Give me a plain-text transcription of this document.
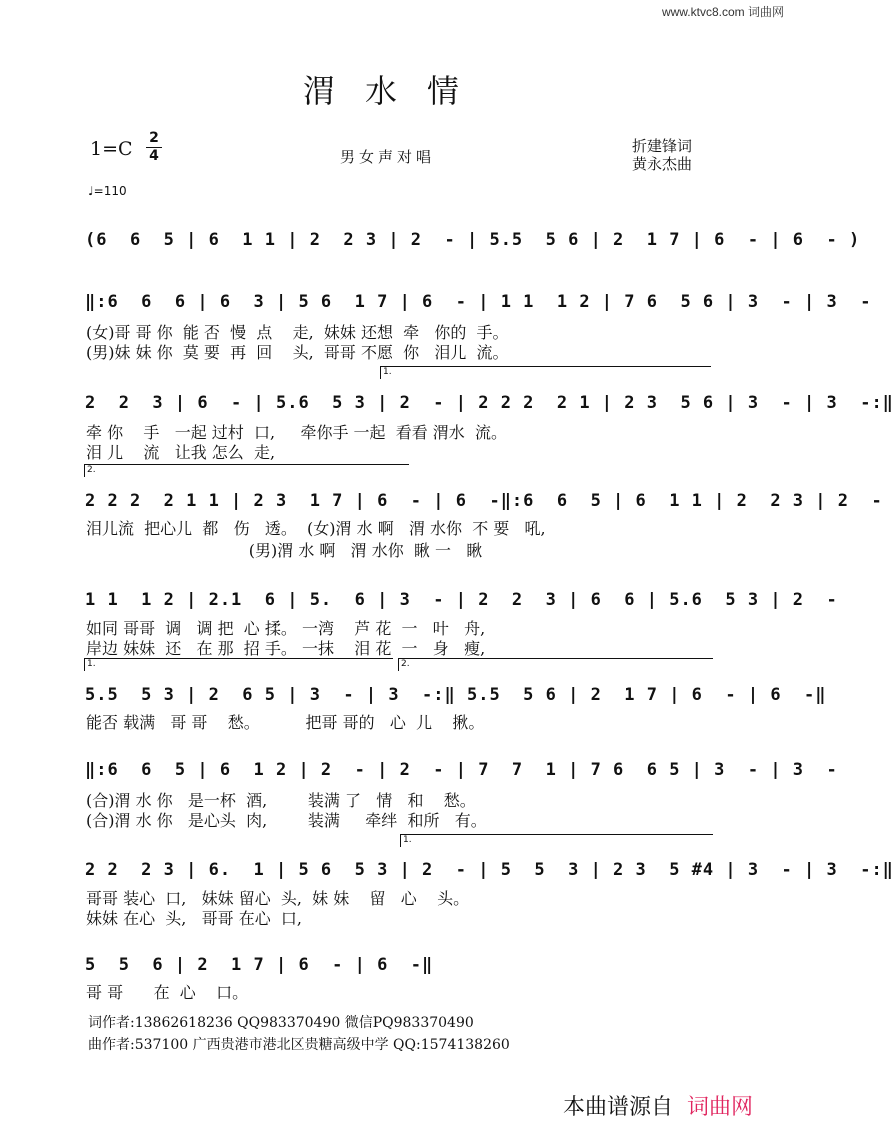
www.ktvc8.com 词曲网
渭水情
1=C 2
4	男女声对唱
折建锋词
黄永杰曲
♩=110
(6  6  5 | 6  1 1 | 2  2 3 | 2  - | 5.5  5 6 | 2  1 7 | 6  - | 6  - )
‖:6  6  6 | 6  3 | 5 6  1 7 | 6  - | 1 1  1 2 | 7 6  5 6 | 3  - | 3  -
(女)哥 哥 你  能 否  慢  点    走,  妹妹 还想  牵   你的  手。
(男)妹 妹 你  莫 要  再  回    头,  哥哥 不愿  你   泪儿  流。
1.
2  2  3 | 6  - | 5.6  5 3 | 2  - | 2 2 2  2 1 | 2 3  5 6 | 3  - | 3  -:‖
牵 你    手   一起 过村  口,     牵你手 一起  看看 渭水  流。
泪 儿    流   让我 怎么  走,
2.
2 2 2  2 1 1 | 2 3  1 7 | 6  - | 6  -‖:6  6  5 | 6  1 1 | 2  2 3 | 2  -
泪儿流  把心儿  都   伤   透。  (女)渭 水 啊   渭 水你  不 要   吼,
(男)渭 水 啊   渭 水你  瞅 一   瞅
1 1  1 2 | 2.1  6 | 5.  6 | 3  - | 2  2  3 | 6  6 | 5.6  5 3 | 2  -
如同 哥哥  调   调 把  心 揉。 一湾    芦 花  一   叶   舟,
岸边 妹妹  还   在 那  招 手。 一抹    泪 花  一   身   瘦,
1.	2.
5.5  5 3 | 2  6 5 | 3  - | 3  -:‖ 5.5  5 6 | 2  1 7 | 6  - | 6  -‖
能否 载满   哥 哥    愁。         把哥 哥的   心  儿    揪。
‖:6  6  5 | 6  1 2 | 2  - | 2  - | 7  7  1 | 7 6  6 5 | 3  - | 3  -
(合)渭 水 你   是一杯  酒,        装满 了   情   和    愁。
(合)渭 水 你   是心头  肉,        装满     牵绊  和所   有。
1.
2 2  2 3 | 6.  1 | 5 6  5 3 | 2  - | 5  5  3 | 2 3  5 #4 | 3  - | 3  -:‖
哥哥 装心  口,   妹妹 留心  头,  妹 妹    留   心    头。
妹妹 在心  头,   哥哥 在心  口,
5  5  6 | 2  1 7 | 6  - | 6  -‖
哥 哥      在  心    口。
词作者:13862618236 QQ983370490 微信PQ983370490
曲作者:537100 广西贵港市港北区贵糖高级中学 QQ:1574138260
本曲谱源自 词曲网
